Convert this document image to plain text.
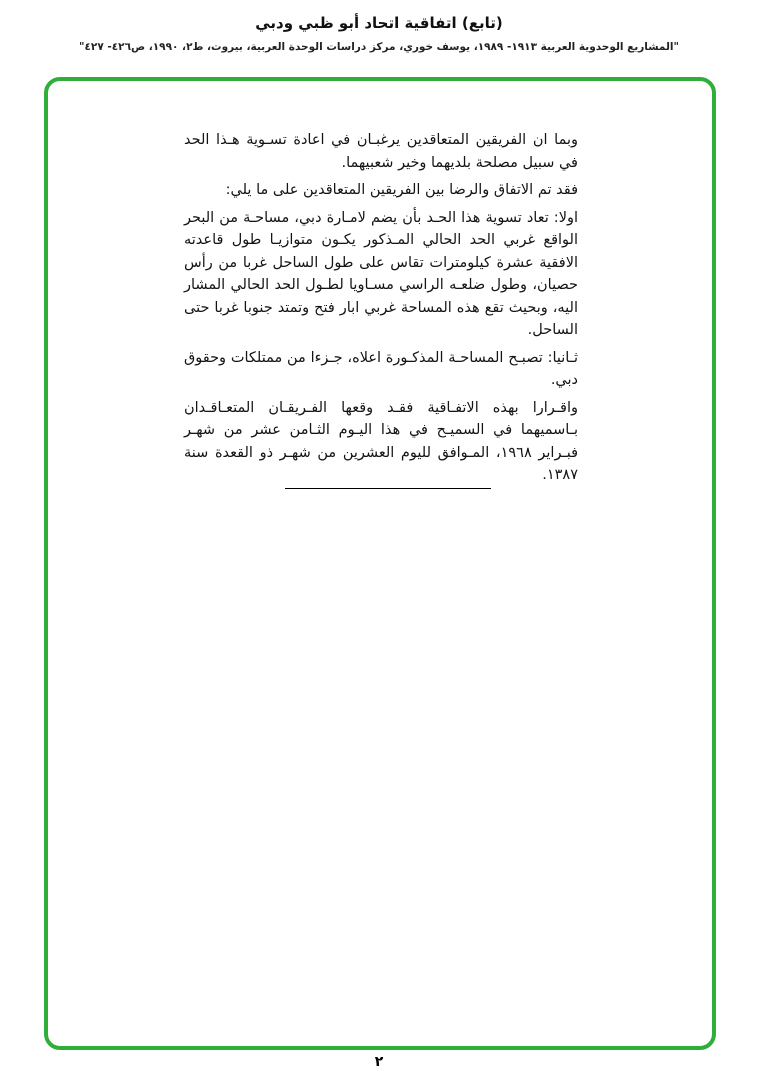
(تابع) اتفاقية اتحاد أبو ظبي ودبي
"المشاريع الوحدوية العربية ١٩١٣- ١٩٨٩، يوسف خوري، مركز دراسات الوحدة العربية، بيروت، ط٢، ١٩٩٠، ص٤٢٦- ٤٢٧"

وبما ان الفريقين المتعاقدين يرغبـان في اعادة تسـوية هـذا الحد في سبيل مصلحة بلديهما وخير شعبيهما.

فقد تم الاتفاق والرضا بين الفريقين المتعاقدين على ما يلي:

اولا: تعاد تسوية هذا الحـد بأن يضم لامـارة دبي، مساحـة من البحر الواقع غربي الحد الحالي المـذكور يكـون متوازيـا طول قاعدته الافقية عشرة كيلومترات تقاس على طول الساحل غربا من رأس حصيان، وطول ضلعـه الراسي مسـاويا لطـول الحد الحالي المشار اليه، وبحيث تقع هذه المساحة غربي ابار فتح وتمتد جنوبا غربا حتى الساحل.

ثـانيا: تصبـح المساحـة المذكـورة اعلاه، جـزءا من ممتلكات وحقوق دبي.

واقـرارا بهذه الاتفـاقية فقـد وقعها الفـريقـان المتعـاقـدان بـاسميهما في السميـح في هذا اليـوم الثـامن عشر من شهـر فبـراير ١٩٦٨، المـوافق لليوم العشرين من شهـر ذو القعدة سنة ١٣٨٧.

٢
